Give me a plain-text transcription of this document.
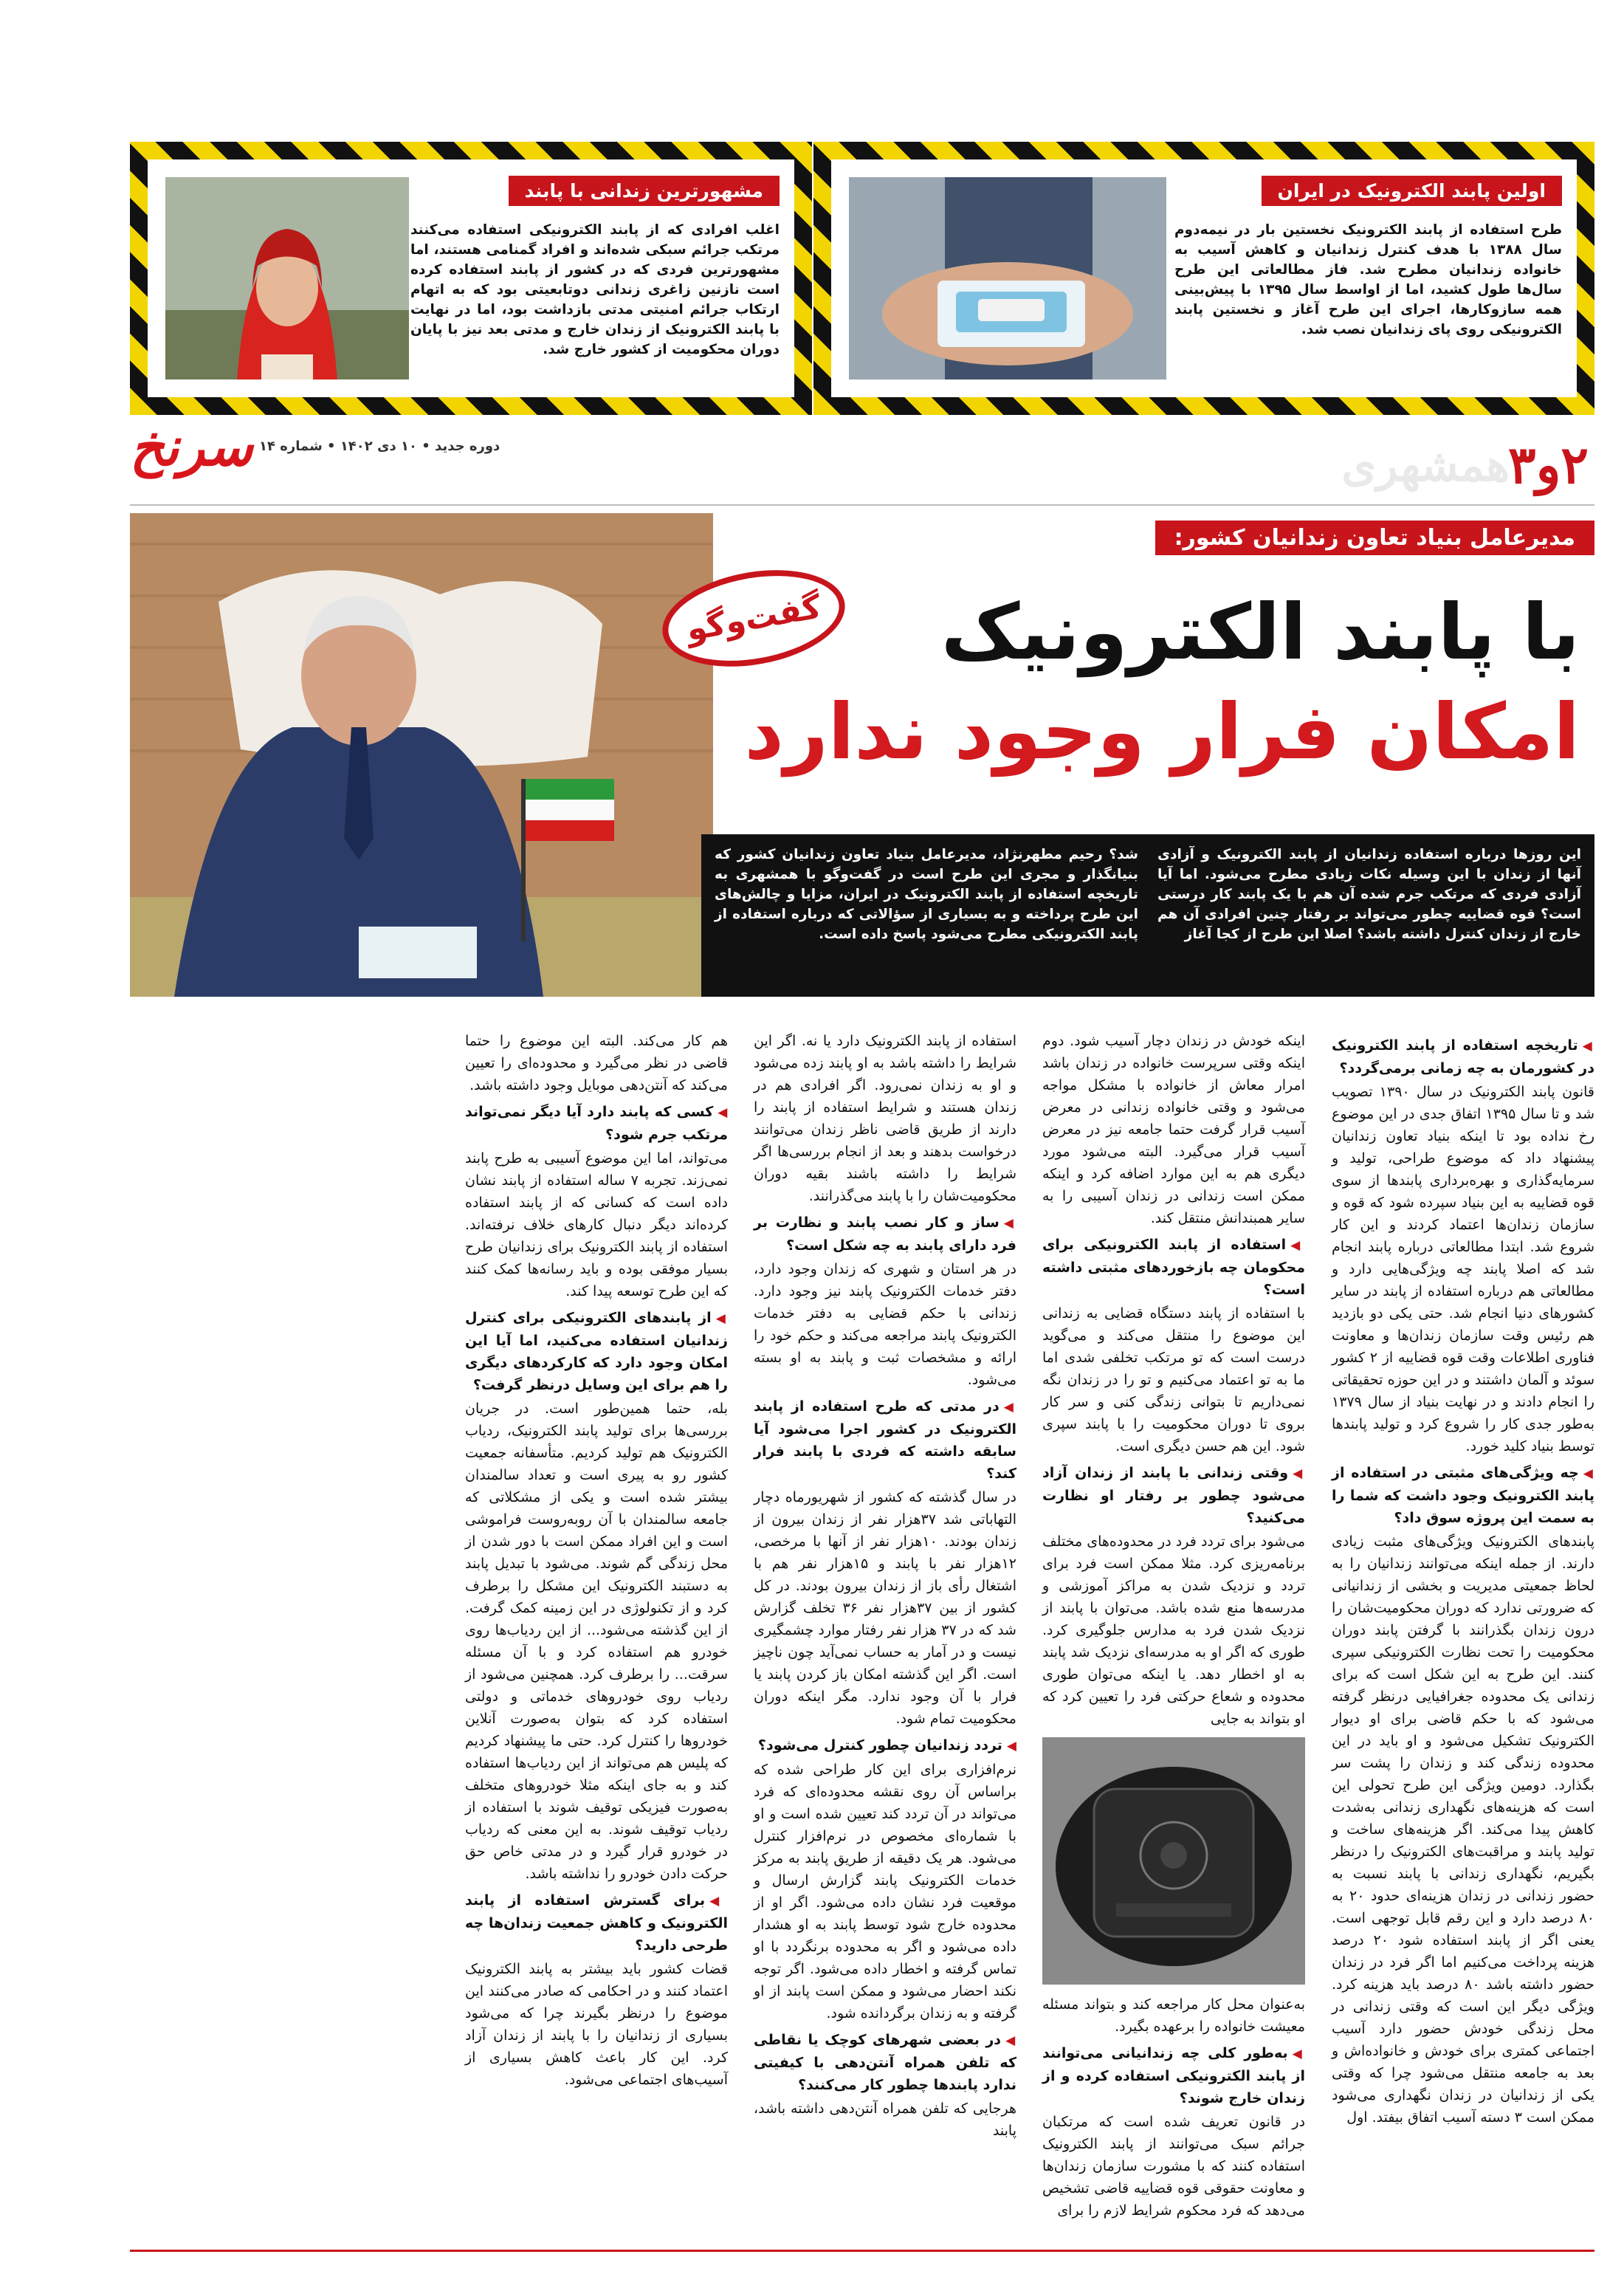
اولین پابند الکترونیک در ایران
طرح استفاده از پابند الکترونیک نخستین بار در نیمه‌دوم سال ۱۳۸۸ با هدف کنترل زندانیان و کاهش آسیب به خانواده زندانیان مطرح شد. فاز مطالعاتی این طرح سال‌ها طول کشید، اما از اواسط سال ۱۳۹۵ با پیش‌بینی همه سازوکارها، اجرای این طرح آغاز و نخستین پابند الکترونیکی روی پای زندانیان نصب شد.
مشهورترین زندانی با پابند
اغلب افرادی که از پابند الکترونیکی استفاده می‌کنند مرتکب جرائم سبکی شده‌اند و افراد گمنامی هستند، اما مشهورترین فردی که در کشور از پابند استفاده کرده است نازنین زاغری زندانی دوتابعیتی بود که به اتهام ارتکاب جرائم امنیتی مدتی بازداشت بود، اما در نهایت با پابند الکترونیک از زندان خارج و مدتی بعد نیز با پایان دوران محکومیت از کشور خارج شد.
۲و۳
همشهری
دوره جدید • ۱۰ دی ۱۴۰۲ • شماره ۱۴
سرنخ
مدیرعامل بنیاد تعاون زندانیان کشور:
گفت‌وگو	با پابند الکترونیک
امکان فرار وجود ندارد
این روزها درباره استفاده زندانیان از پابند الکترونیک و آزادی آنها از زندان با این وسیله نکات زیادی مطرح می‌شود. اما آیا آزادی فردی که مرتکب جرم شده آن هم با یک پابند کار درستی است؟ قوه قضاییه چطور می‌تواند بر رفتار چنین افرادی آن هم خارج از زندان کنترل داشته باشد؟ اصلا این طرح از کجا آغاز
شد؟ رحیم مطهرنژاد، مدیرعامل بنیاد تعاون زندانیان کشور که بنیانگذار و مجری این طرح است در گفت‌وگو با همشهری به تاریخچه استفاده از پابند الکترونیک در ایران، مزایا و چالش‌های این طرح پرداخته و به بسیاری از سؤالاتی که درباره استفاده از پابند الکترونیکی مطرح می‌شود پاسخ داده است.
◀تاریخچه استفاده از پابند الکترونیک در کشورمان به چه زمانی برمی‌گردد؟

قانون پابند الکترونیک در سال ۱۳۹۰ تصویب شد و تا سال ۱۳۹۵ اتفاق جدی در این موضوع رخ نداده بود تا اینکه بنیاد تعاون زندانیان پیشنهاد داد که موضوع طراحی، تولید و سرمایه‌گذاری و بهره‌برداری پابندها از سوی قوه قضاییه به این بنیاد سپرده شود که قوه و سازمان زندان‌ها اعتماد کردند و این کار شروع شد. ابتدا مطالعاتی درباره پابند انجام شد که اصلا پابند چه ویژگی‌هایی دارد و مطالعاتی هم درباره استفاده از پابند در سایر کشورهای دنیا انجام شد. حتی یکی دو بازدید هم رئیس وقت سازمان زندان‌ها و معاونت فناوری اطلاعات وقت قوه قضاییه از ۲ کشور سوئد و آلمان داشتند و در این حوزه تحقیقاتی را انجام دادند و در نهایت بنیاد از سال ۱۳۷۹ به‌طور جدی کار را شروع کرد و تولید پابندها توسط بنیاد کلید خورد.

◀چه ویژگی‌های مثبتی در استفاده از پابند الکترونیک وجود داشت که شما را به سمت این پروژه سوق داد؟

پابندهای الکترونیک ویژگی‌های مثبت زیادی دارند. از جمله اینکه می‌توانند زندانیان را به لحاظ جمعیتی مدیریت و بخشی از زندانیانی که ضرورتی ندارد که دوران محکومیت‌شان را درون زندان بگذرانند با گرفتن پابند دوران محکومیت را تحت نظارت الکترونیکی سپری کنند. این طرح به این شکل است که برای زندانی یک محدوده جغرافیایی درنظر گرفته می‌شود که با حکم قاضی برای او دیوار الکترونیک تشکیل می‌شود و او باید در این محدوده زندگی کند و زندان را پشت سر بگذارد. دومین ویژگی این طرح تحولی این است که هزینه‌های نگهداری زندانی به‌شدت کاهش پیدا می‌کند. اگر هزینه‌های ساخت و تولید پابند و مراقبت‌های الکترونیک را درنظر بگیریم، نگهداری زندانی با پابند نسبت به حضور زندانی در زندان هزینه‌ای حدود ۲۰ به ۸۰ درصد دارد و این رقم قابل توجهی است. یعنی اگر از پابند استفاده شود ۲۰ درصد هزینه پرداخت می‌کنیم اما اگر فرد در زندان حضور داشته باشد ۸۰ درصد باید هزینه کرد. ویژگی دیگر این است که وقتی زندانی در محل زندگی خودش حضور دارد آسیب اجتماعی کمتری برای خودش و خانواده‌اش و بعد به جامعه منتقل می‌شود چرا که وقتی یکی از زندانیان در زندان نگهداری می‌شود ممکن است ۳ دسته آسیب اتفاق بیفتد. اول

اینکه خودش در زندان دچار آسیب شود. دوم اینکه وقتی سرپرست خانواده در زندان باشد امرار معاش از خانواده با مشکل مواجه می‌شود و وقتی خانواده زندانی در معرض آسیب قرار گرفت حتما جامعه نیز در معرض آسیب قرار می‌گیرد. البته می‌شود مورد دیگری هم به این موارد اضافه کرد و اینکه ممکن است زندانی در زندان آسیبی را به سایر همبندانش منتقل کند.

◀استفاده از پابند الکترونیکی برای محکومان چه بازخوردهای مثبتی داشته است؟

با استفاده از پابند دستگاه قضایی به زندانی این موضوع را منتقل می‌کند و می‌گوید درست است که تو مرتکب تخلفی شدی اما ما به تو اعتماد می‌کنیم و تو را در زندان نگه نمی‌داریم تا بتوانی زندگی کنی و سر کار بروی تا دوران محکومیت را با پابند سپری شود. این هم حسن دیگری است.

◀وقتی زندانی با پابند از زندان آزاد می‌شود چطور بر رفتار او نظارت می‌کنید؟

می‌شود برای تردد فرد در محدوده‌های مختلف برنامه‌ریزی کرد. مثلا ممکن است فرد برای تردد و نزدیک شدن به مراکز آموزشی و مدرسه‌ها منع شده باشد. می‌توان با پابند از نزدیک شدن فرد به مدارس جلوگیری کرد. طوری که اگر او به مدرسه‌ای نزدیک شد پابند به او اخطار دهد. یا اینکه می‌توان طوری محدوده و شعاع حرکتی فرد را تعیین کرد که او بتواند به جایی

به‌عنوان محل کار مراجعه کند و بتواند مسئله معیشت خانواده را برعهده بگیرد.

◀به‌طور کلی چه زندانیانی می‌توانند از پابند الکترونیکی استفاده کرده و از زندان خارج شوند؟

در قانون تعریف شده است که مرتکبان جرائم سبک می‌توانند از پابند الکترونیک استفاده کنند که با مشورت سازمان زندان‌ها و معاونت حقوقی قوه قضاییه قاضی تشخیص می‌دهد که فرد محکوم شرایط لازم را برای

استفاده از پابند الکترونیک دارد یا نه. اگر این شرایط را داشته باشد به او پابند زده می‌شود و او به زندان نمی‌رود. اگر افرادی هم در زندان هستند و شرایط استفاده از پابند را دارند از طریق قاضی ناظر زندان می‌توانند درخواست بدهند و بعد از انجام بررسی‌ها اگر شرایط را داشته باشند بقیه دوران محکومیت‌شان را با پابند می‌گذرانند.

◀ساز و کار نصب پابند و نظارت بر فرد دارای پابند به چه شکل است؟

در هر استان و شهری که زندان وجود دارد، دفتر خدمات الکترونیک پابند نیز وجود دارد. زندانی با حکم قضایی به دفتر خدمات الکترونیک پابند مراجعه می‌کند و حکم خود را ارائه و مشخصات ثبت و پابند به او بسته می‌شود.

◀در مدتی که طرح استفاده از پابند الکترونیک در کشور اجرا می‌شود آیا سابقه داشته که فردی با پابند فرار کند؟

در سال گذشته که کشور از شهریورماه دچار التهاباتی شد ۳۷هزار نفر از زندان بیرون از زندان بودند. ۱۰هزار نفر از آنها با مرخصی، ۱۲هزار نفر با پابند و ۱۵هزار نفر هم با اشتغال رأی باز از زندان بیرون بودند. در کل کشور از بین ۳۷هزار نفر ۳۶ تخلف گزارش شد که در ۳۷ هزار نفر رفتار موارد چشمگیری نیست و در آمار به حساب نمی‌آید چون ناچیز است. اگر این گذشته امکان باز کردن پابند یا فرار با آن وجود ندارد. مگر اینکه دوران محکومیت تمام شود.

◀تردد زندانیان چطور کنترل می‌شود؟

نرم‌افزاری برای این کار طراحی شده که براساس آن روی نقشه محدوده‌ای که فرد می‌تواند در آن تردد کند تعیین شده است و او با شماره‌ای مخصوص در نرم‌افزار کنترل می‌شود. هر یک دقیقه از طریق پابند به مرکز خدمات الکترونیک پابند گزارش ارسال و موقعیت فرد نشان داده می‌شود. اگر او از محدوده خارج شود توسط پابند به او هشدار داده می‌شود و اگر به محدوده برنگردد با او تماس گرفته و اخطار داده می‌شود. اگر توجه نکند احضار می‌شود و ممکن است پابند از او گرفته و به زندان برگردانده شود.

◀در بعضی شهرهای کوچک یا نقاطی که تلفن همراه آنتن‌دهی با کیفیتی ندارد پابندها چطور کار می‌کنند؟

هرجایی که تلفن همراه آنتن‌دهی داشته باشد، پابند

هم کار می‌کند. البته این موضوع را حتما قاضی در نظر می‌گیرد و محدوده‌ای را تعیین می‌کند که آنتن‌دهی موبایل وجود داشته باشد.

◀کسی که پابند دارد آیا دیگر نمی‌تواند مرتکب جرم شود؟

می‌تواند، اما این موضوع آسیبی به طرح پابند نمی‌زند. تجربه ۷ ساله استفاده از پابند نشان داده است که کسانی که از پابند استفاده کرده‌اند دیگر دنبال کارهای خلاف نرفته‌اند. استفاده از پابند الکترونیک برای زندانیان طرح بسیار موفقی بوده و باید رسانه‌ها کمک کنند که این طرح توسعه پیدا کند.

◀از پابندهای الکترونیکی برای کنترل زندانیان استفاده می‌کنید، اما آیا این امکان وجود دارد که کارکردهای دیگری را هم برای این وسایل درنظر گرفت؟

بله، حتما همین‌طور است. در جریان بررسی‌ها برای تولید پابند الکترونیک، ردیاب الکترونیک هم تولید کردیم. متأسفانه جمعیت کشور رو به پیری است و تعداد سالمندان بیشتر شده است و یکی از مشکلاتی که جامعه سالمندان با آن روبه‌روست فراموشی است و این افراد ممکن است با دور شدن از محل زندگی گم شوند. می‌شود با تبدیل پابند به دستبند الکترونیک این مشکل را برطرف کرد و از تکنولوژی در این زمینه کمک گرفت. از این گذشته می‌شود... از این ردیاب‌ها روی خودرو هم استفاده کرد و با آن مسئله سرقت... را برطرف کرد. همچنین می‌شود از ردیاب روی خودروهای خدماتی و دولتی استفاده کرد که بتوان به‌صورت آنلاین خودروها را کنترل کرد. حتی ما پیشنهاد کردیم که پلیس هم می‌تواند از این ردیاب‌ها استفاده کند و به جای اینکه مثلا خودروهای متخلف به‌صورت فیزیکی توقیف شوند با استفاده از ردیاب توقیف شوند. به این معنی که ردیاب در خودرو قرار گیرد و در مدتی خاص حق حرکت دادن خودرو را نداشته باشد.

◀برای گسترش استفاده از پابند الکترونیک و کاهش جمعیت زندان‌ها چه طرحی دارید؟

قضات کشور باید بیشتر به پابند الکترونیک اعتماد کنند و در احکامی که صادر می‌کنند این موضوع را درنظر بگیرند چرا که می‌شود بسیاری از زندانیان را با پابند از زندان آزاد کرد. این کار باعث کاهش بسیاری از آسیب‌های اجتماعی می‌شود.
